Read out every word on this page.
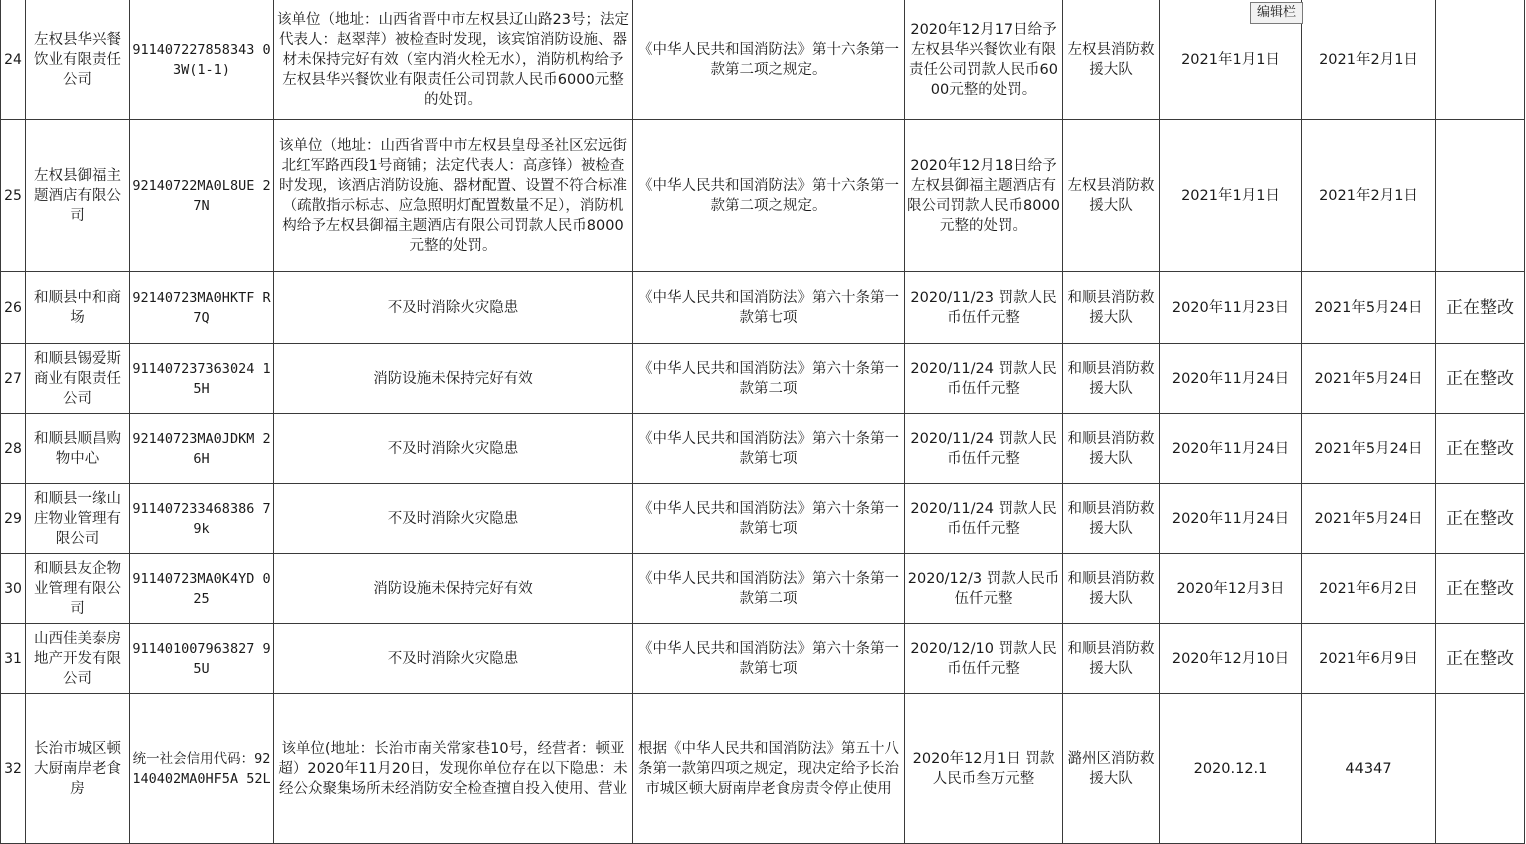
24	左权县华兴餐饮业有限责任公司	911407227858343 03W(1-1)	该单位（地址：山西省晋中市左权县辽山路23号；法定代表人：赵翠萍）被检查时发现，该宾馆消防设施、器材未保持完好有效（室内消火栓无水），消防机构给予左权县华兴餐饮业有限责任公司罚款人民币6000元整的处罚。	《中华人民共和国消防法》第十六条第一款第二项之规定。	2020年12月17日给予左权县华兴餐饮业有限责任公司罚款人民币6000元整的处罚。	左权县消防救援大队	2021年1月1日	2021年2月1日	
25	左权县御福主题酒店有限公司	92140722MA0L8UE 27N	该单位（地址：山西省晋中市左权县皇母圣社区宏远街北红军路西段1号商铺；法定代表人：高彦锋）被检查时发现，该酒店消防设施、器材配置、设置不符合标准（疏散指示标志、应急照明灯配置数量不足），消防机构给予左权县御福主题酒店有限公司罚款人民币8000元整的处罚。	《中华人民共和国消防法》第十六条第一款第二项之规定。	2020年12月18日给予左权县御福主题酒店有限公司罚款人民币8000元整的处罚。	左权县消防救援大队	2021年1月1日	2021年2月1日	
26	和顺县中和商场	92140723MA0HKTF R7Q	不及时消除火灾隐患	《中华人民共和国消防法》第六十条第一款第七项	2020/11/23 罚款人民币伍仟元整	和顺县消防救援大队	2020年11月23日	2021年5月24日	正在整改
27	和顺县锡爱斯商业有限责任公司	911407237363024 15H	消防设施未保持完好有效	《中华人民共和国消防法》第六十条第一款第二项	2020/11/24 罚款人民币伍仟元整	和顺县消防救援大队	2020年11月24日	2021年5月24日	正在整改
28	和顺县顺昌购物中心	92140723MA0JDKM 26H	不及时消除火灾隐患	《中华人民共和国消防法》第六十条第一款第七项	2020/11/24 罚款人民币伍仟元整	和顺县消防救援大队	2020年11月24日	2021年5月24日	正在整改
29	和顺县一缘山庄物业管理有限公司	911407233468386 79k	不及时消除火灾隐患	《中华人民共和国消防法》第六十条第一款第七项	2020/11/24 罚款人民币伍仟元整	和顺县消防救援大队	2020年11月24日	2021年5月24日	正在整改
30	和顺县友企物业管理有限公司	91140723MA0K4YD 025	消防设施未保持完好有效	《中华人民共和国消防法》第六十条第一款第二项	2020/12/3 罚款人民币伍仟元整	和顺县消防救援大队	2020年12月3日	2021年6月2日	正在整改
31	山西佳美泰房地产开发有限公司	911401007963827 95U	不及时消除火灾隐患	《中华人民共和国消防法》第六十条第一款第七项	2020/12/10 罚款人民币伍仟元整	和顺县消防救援大队	2020年12月10日	2021年6月9日	正在整改
32	长治市城区顿大厨南岸老食房	统一社会信用代码：92140402MA0HF5A 52L	该单位(地址：长治市南关常家巷10号，经营者：顿亚超）2020年11月20日，发现你单位存在以下隐患：未经公众聚集场所未经消防安全检查擅自投入使用、营业	根据《中华人民共和国消防法》第五十八条第一款第四项之规定，现决定给予长治市城区顿大厨南岸老食房责令停止使用	2020年12月1日 罚款人民币叁万元整	潞州区消防救援大队	2020.12.1	44347	
编辑栏
